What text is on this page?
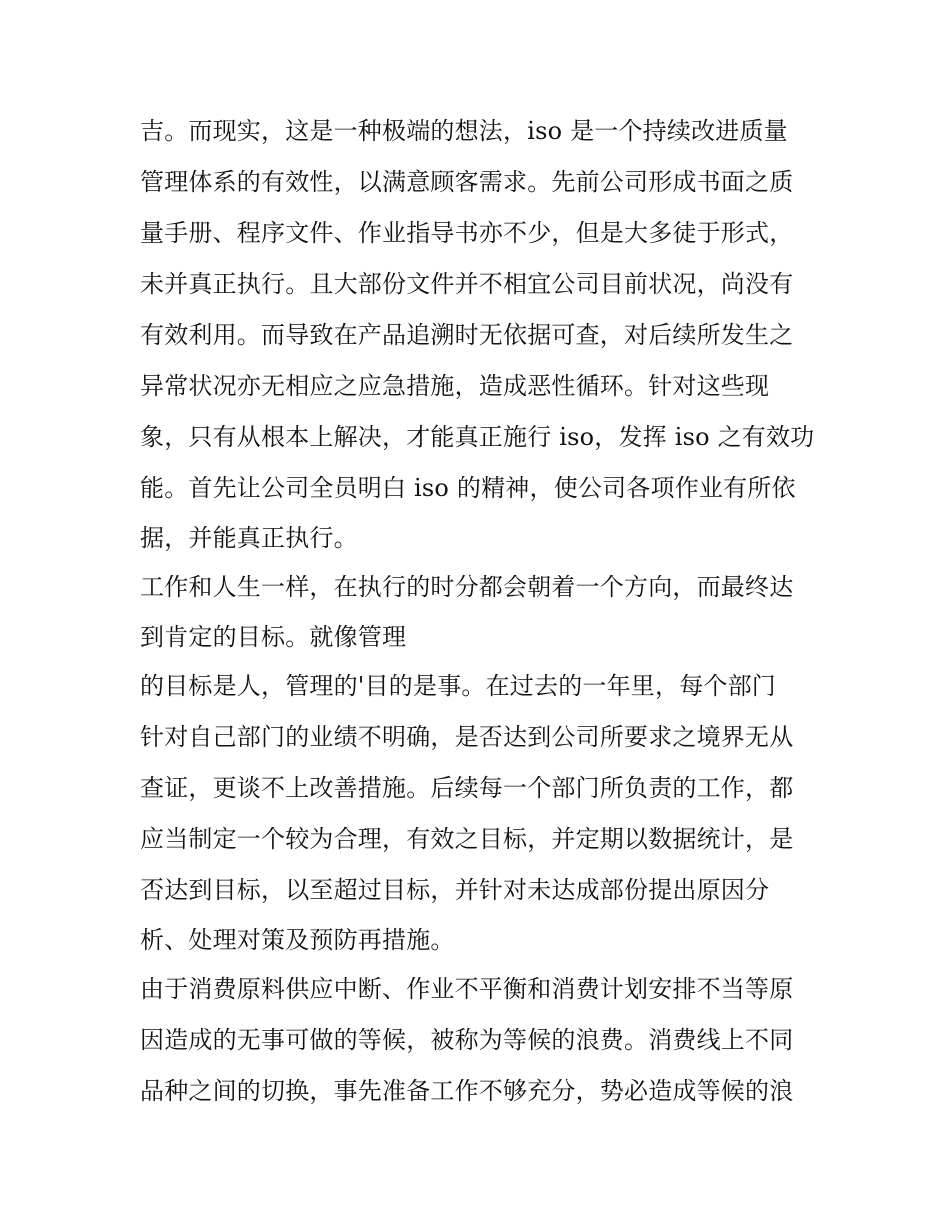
吉。而现实，这是一种极端的想法，iso 是一个持续改进质量
管理体系的有效性，以满意顾客需求。先前公司形成书面之质
量手册、程序文件、作业指导书亦不少，但是大多徒于形式，
未并真正执行。且大部份文件并不相宜公司目前状况，尚没有
有效利用。而导致在产品追溯时无依据可查，对后续所发生之
异常状况亦无相应之应急措施，造成恶性循环。针对这些现
象，只有从根本上解决，才能真正施行 iso，发挥 iso 之有效功
能。首先让公司全员明白 iso 的精神，使公司各项作业有所依
据，并能真正执行。
工作和人生一样，在执行的时分都会朝着一个方向，而最终达
到肯定的目标。就像管理
的目标是人，管理的'目的是事。在过去的一年里，每个部门
针对自己部门的业绩不明确，是否达到公司所要求之境界无从
查证，更谈不上改善措施。后续每一个部门所负责的工作，都
应当制定一个较为合理，有效之目标，并定期以数据统计，是
否达到目标，以至超过目标，并针对未达成部份提出原因分
析、处理对策及预防再措施。
由于消费原料供应中断、作业不平衡和消费计划安排不当等原
因造成的无事可做的等候，被称为等候的浪费。消费线上不同
品种之间的切换，事先准备工作不够充分，势必造成等候的浪
